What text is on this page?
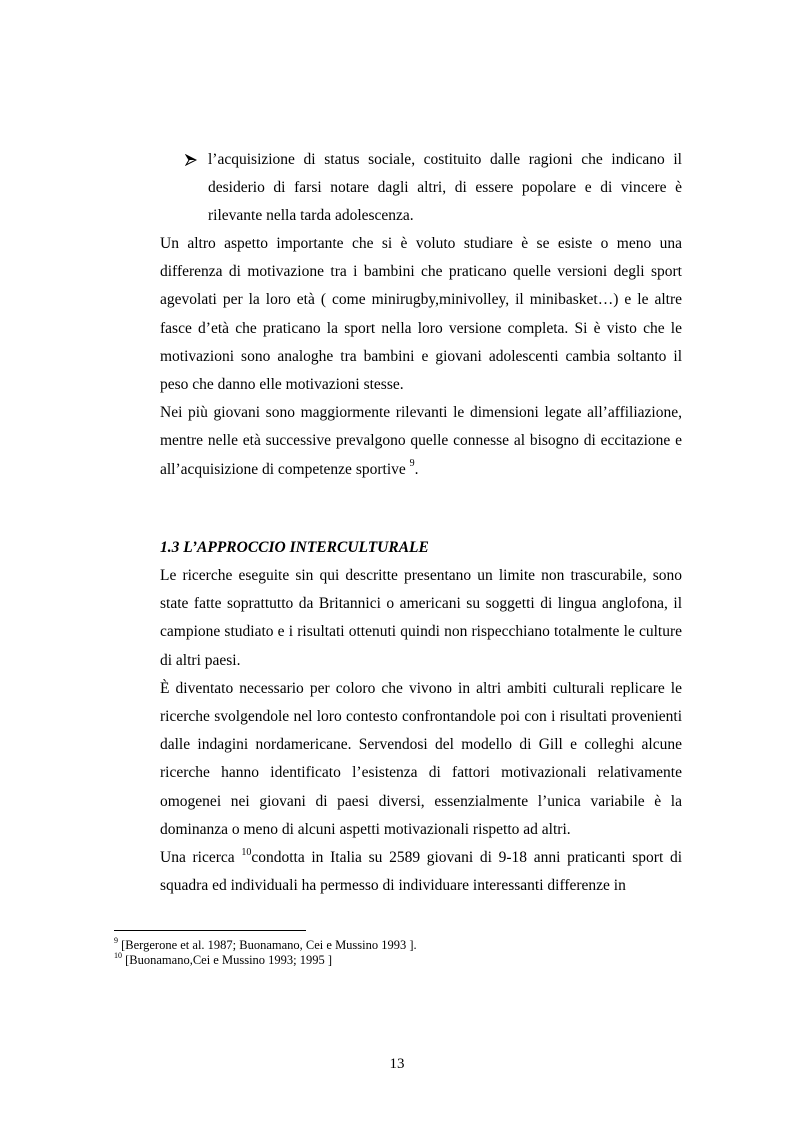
l’acquisizione di status sociale, costituito dalle ragioni che indicano il desiderio di farsi notare dagli altri, di essere popolare e di vincere è rilevante nella tarda adolescenza.

Un altro aspetto importante che si è voluto studiare è se esiste o meno una differenza di motivazione tra i bambini che praticano quelle versioni degli sport agevolati per la loro età ( come minirugby,minivolley, il minibasket…) e le altre fasce d’età che praticano la sport nella loro versione completa. Si è visto che le motivazioni sono analoghe tra bambini e giovani adolescenti cambia soltanto il peso che danno elle motivazioni stesse.

Nei più giovani sono maggiormente rilevanti le dimensioni legate all’affiliazione, mentre nelle età successive prevalgono quelle connesse al bisogno di eccitazione e all’acquisizione di competenze sportive $^9$.

1.3 L’APPROCCIO INTERCULTURALE

Le ricerche eseguite sin qui descritte presentano un limite non trascurabile, sono state fatte soprattutto da Britannici o americani su soggetti di lingua anglofona, il campione studiato e i risultati ottenuti quindi non rispecchiano totalmente le culture di altri paesi.

È diventato necessario per coloro che vivono in altri ambiti culturali replicare le ricerche svolgendole nel loro contesto confrontandole poi con i risultati provenienti dalle indagini nordamericane. Servendosi del modello di Gill e colleghi alcune ricerche hanno identificato l’esistenza di fattori motivazionali relativamente omogenei nei giovani di paesi diversi, essenzialmente l’unica variabile è la dominanza o meno di alcuni aspetti motivazionali rispetto ad altri.

Una ricerca $^{10}$condotta in Italia su 2589 giovani di 9-18 anni praticanti sport di squadra ed individuali ha permesso di individuare interessanti differenze in

$^9$ [Bergerone et al. 1987; Buonamano, Cei e Mussino 1993 ].
$^{10}$ [Buonamano,Cei e Mussino 1993; 1995 ]
13
